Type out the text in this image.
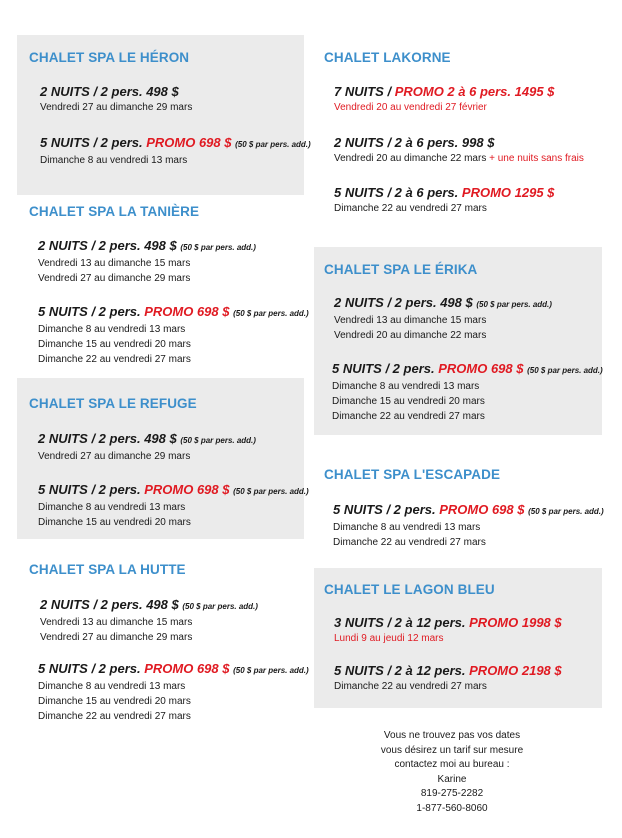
CHALET SPA LE HÉRON
2 NUITS / 2 pers. 498 $
Vendredi 27 au dimanche 29 mars
5 NUITS / 2 pers. PROMO 698 $ (50 $ par pers. add.)
Dimanche 8 au vendredi 13 mars
CHALET SPA LA TANIÈRE
2 NUITS / 2 pers. 498 $ (50 $ par pers. add.)
Vendredi 13 au dimanche 15 mars
Vendredi 27 au dimanche 29 mars
5 NUITS / 2 pers. PROMO 698 $ (50 $ par pers. add.)
Dimanche 8 au vendredi 13 mars
Dimanche 15 au vendredi 20 mars
Dimanche 22 au vendredi 27 mars
CHALET SPA LE REFUGE
2 NUITS / 2 pers. 498 $ (50 $ par pers. add.)
Vendredi 27 au dimanche 29 mars
5 NUITS / 2 pers. PROMO 698 $ (50 $ par pers. add.)
Dimanche 8 au vendredi 13 mars
Dimanche 15 au vendredi 20 mars
CHALET SPA LA HUTTE
2 NUITS / 2 pers. 498 $ (50 $ par pers. add.)
Vendredi 13 au dimanche 15 mars
Vendredi 27 au dimanche 29 mars
5 NUITS / 2 pers. PROMO 698 $ (50 $ par pers. add.)
Dimanche 8 au vendredi 13 mars
Dimanche 15 au vendredi 20 mars
Dimanche 22 au vendredi 27 mars
CHALET LAKORNE
7 NUITS / PROMO 2 à 6 pers. 1495 $
Vendredi 20 au vendredi 27 février
2 NUITS / 2 à 6 pers. 998 $
Vendredi 20 au dimanche 22 mars + une nuits sans frais
5 NUITS / 2 à 6 pers. PROMO 1295 $
Dimanche 22 au vendredi 27 mars
CHALET SPA LE ÉRIKA
2 NUITS / 2 pers. 498 $ (50 $ par pers. add.)
Vendredi 13 au dimanche 15 mars
Vendredi 20 au dimanche 22 mars
5 NUITS / 2 pers. PROMO 698 $ (50 $ par pers. add.)
Dimanche 8 au vendredi 13 mars
Dimanche 15 au vendredi 20 mars
Dimanche 22 au vendredi 27 mars
CHALET SPA L'ESCAPADE
5 NUITS / 2 pers. PROMO 698 $ (50 $ par pers. add.)
Dimanche 8 au vendredi 13 mars
Dimanche 22 au vendredi 27 mars
CHALET LE LAGON BLEU
3 NUITS / 2 à 12 pers. PROMO 1998 $
Lundi 9 au jeudi 12 mars
5 NUITS / 2 à 12 pers. PROMO 2198 $
Dimanche 22 au vendredi 27 mars
Vous ne trouvez pas vos dates
vous désirez un tarif sur mesure
contactez moi au bureau :
Karine
819-275-2282
1-877-560-8060
